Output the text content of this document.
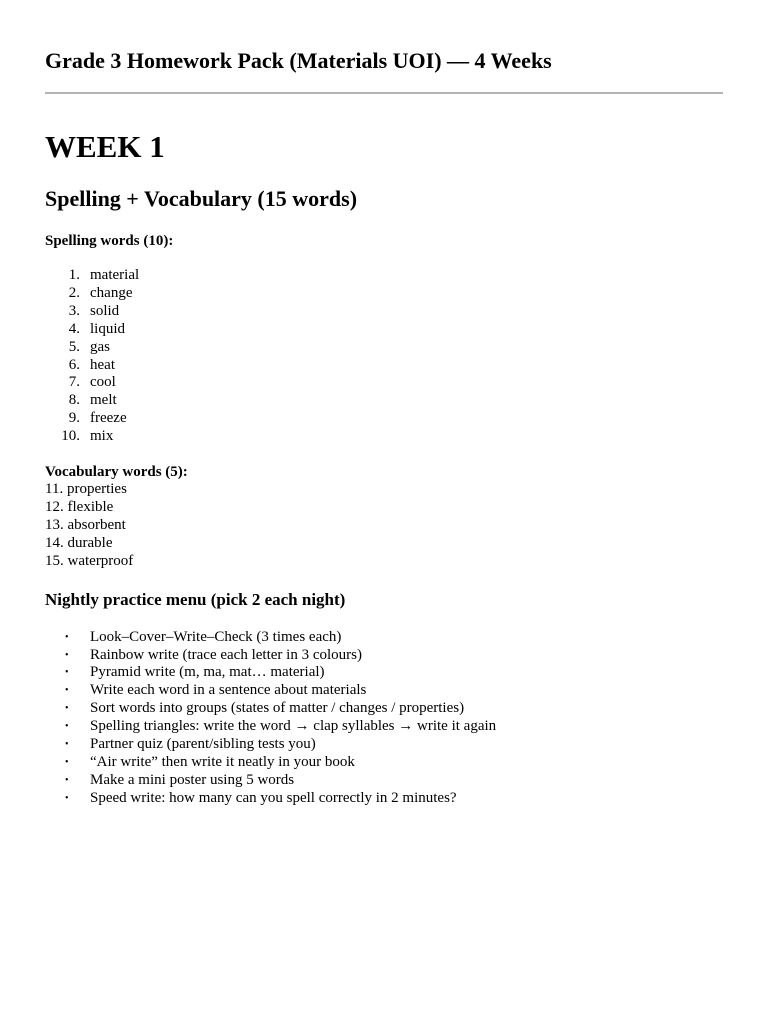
Grade 3 Homework Pack (Materials UOI) — 4 Weeks
WEEK 1
Spelling + Vocabulary (15 words)
Spelling words (10):
1. material
2. change
3. solid
4. liquid
5. gas
6. heat
7. cool
8. melt
9. freeze
10. mix
Vocabulary words (5):
11. properties
12. flexible
13. absorbent
14. durable
15. waterproof
Nightly practice menu (pick 2 each night)
•	Look–Cover–Write–Check (3 times each)
•	Rainbow write (trace each letter in 3 colours)
•	Pyramid write (m, ma, mat… material)
•	Write each word in a sentence about materials
•	Sort words into groups (states of matter / changes / properties)
•	Spelling triangles: write the word → clap syllables → write it again
•	Partner quiz (parent/sibling tests you)
•	“Air write” then write it neatly in your book
•	Make a mini poster using 5 words
•	Speed write: how many can you spell correctly in 2 minutes?
